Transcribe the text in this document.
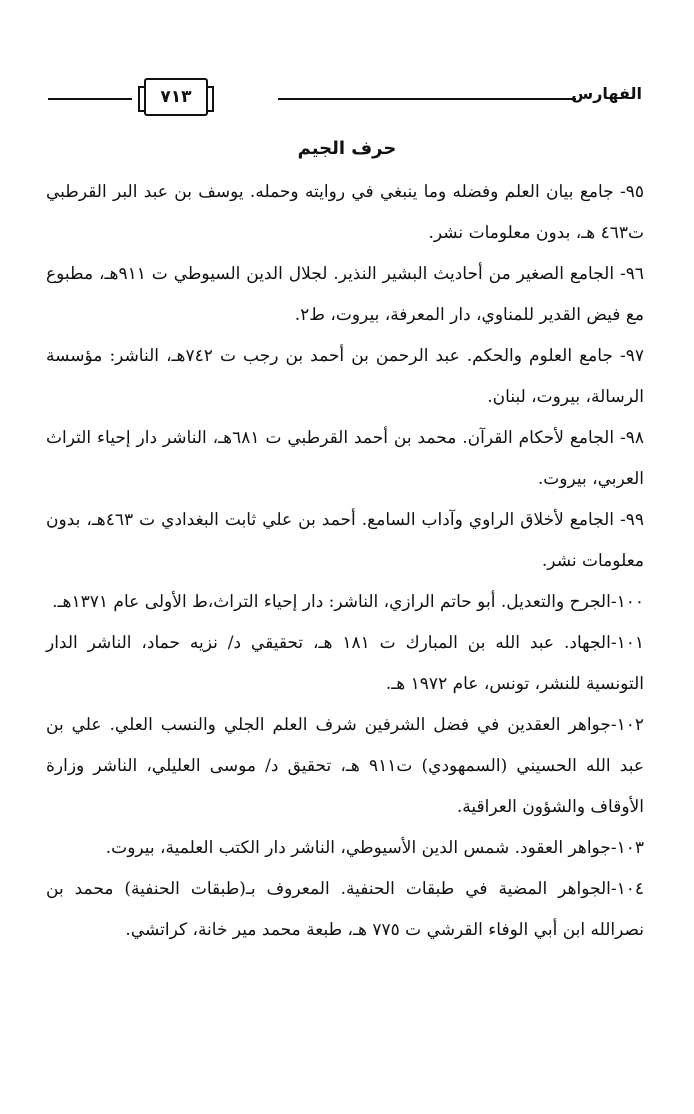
الفهارس
٧١٣
حرف الجيم

٩٥- جامع بيان العلم وفضله وما ينبغي في روايته وحمله. يوسف بن عبد البر القرطبي ت٤٦٣ هـ، بدون معلومات نشر.

٩٦- الجامع الصغير من أحاديث البشير النذير. لجلال الدين السيوطي ت ٩١١هـ، مطبوع مع فيض القدير للمناوي، دار المعرفة، بيروت، ط٢.

٩٧- جامع العلوم والحكم. عبد الرحمن بن أحمد بن رجب ت ٧٤٢هـ، الناشر: مؤسسة الرسالة، بيروت، لبنان.

٩٨- الجامع لأحكام القرآن. محمد بن أحمد القرطبي ت ٦٨١هـ، الناشر دار إحياء التراث العربي، بيروت.

٩٩- الجامع لأخلاق الراوي وآداب السامع. أحمد بن علي ثابت البغدادي ت ٤٦٣هـ، بدون معلومات نشر.

١٠٠-الجرح والتعديل. أبو حاتم الرازي، الناشر: دار إحياء التراث،ط الأولى عام ١٣٧١هـ.

١٠١-الجهاد. عبد الله بن المبارك ت ١٨١ هـ، تحقيقي د/ نزيه حماد، الناشر الدار التونسية للنشر، تونس، عام ١٩٧٢ هـ.

١٠٢-جواهر العقدين في فضل الشرفين شرف العلم الجلي والنسب العلي. علي بن عبد الله الحسيني (السمهودي) ت٩١١ هـ، تحقيق د/ موسى العليلي، الناشر وزارة الأوقاف والشؤون العراقية.

١٠٣-جواهر العقود. شمس الدين الأسيوطي، الناشر دار الكتب العلمية، بيروت.

١٠٤-الجواهر المضية في طبقات الحنفية. المعروف بـ(طبقات الحنفية) محمد بن نصرالله ابن أبي الوفاء القرشي ت ٧٧٥ هـ، طبعة محمد مير خانة، كراتشي.
